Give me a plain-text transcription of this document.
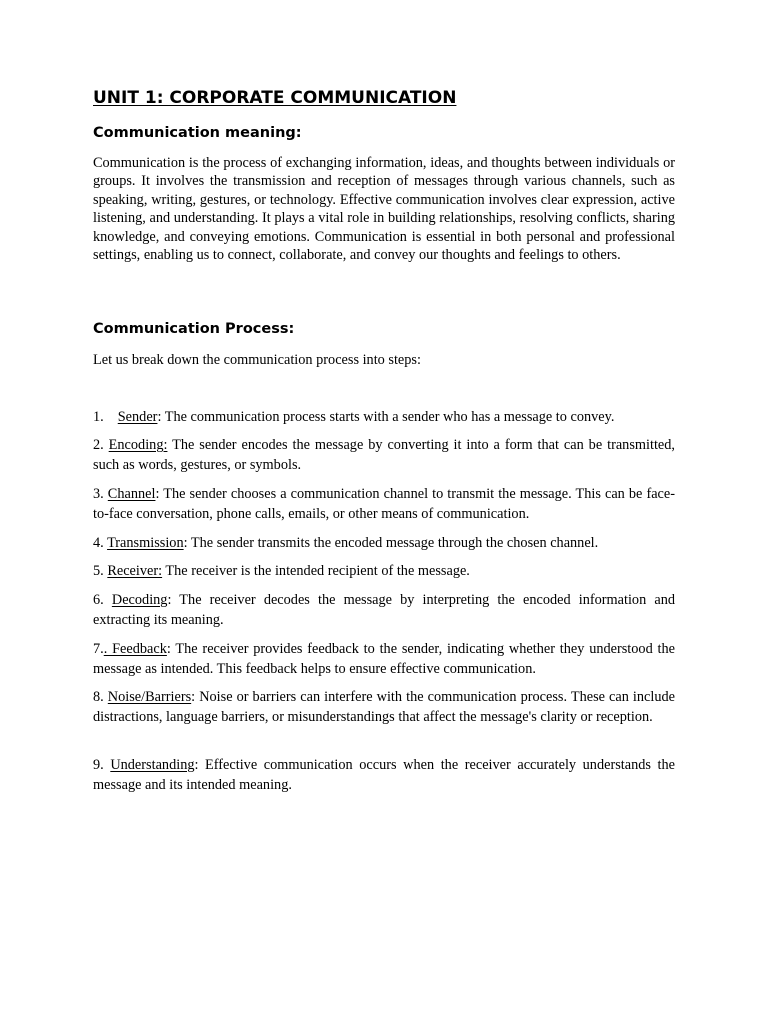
UNIT 1: CORPORATE COMMUNICATION
Communication meaning:

Communication is the process of exchanging information, ideas, and thoughts between individuals or groups. It involves the transmission and reception of messages through various channels, such as speaking, writing, gestures, or technology. Effective communication involves clear expression, active listening, and understanding. It plays a vital role in building relationships, resolving conflicts, sharing knowledge, and conveying emotions. Communication is essential in both personal and professional settings, enabling us to connect, collaborate, and convey our thoughts and feelings to others.

Communication Process:

Let us break down the communication process into steps:

1. Sender: The communication process starts with a sender who has a message to convey.

2. Encoding: The sender encodes the message by converting it into a form that can be transmitted, such as words, gestures, or symbols.

3. Channel: The sender chooses a communication channel to transmit the message. This can be face-to-face conversation, phone calls, emails, or other means of communication.

4. Transmission: The sender transmits the encoded message through the chosen channel.

5. Receiver: The receiver is the intended recipient of the message.

6. Decoding: The receiver decodes the message by interpreting the encoded information and extracting its meaning.

7.. Feedback: The receiver provides feedback to the sender, indicating whether they understood the message as intended. This feedback helps to ensure effective communication.

8. Noise/Barriers: Noise or barriers can interfere with the communication process. These can include distractions, language barriers, or misunderstandings that affect the message's clarity or reception.

9. Understanding: Effective communication occurs when the receiver accurately understands the message and its intended meaning.
